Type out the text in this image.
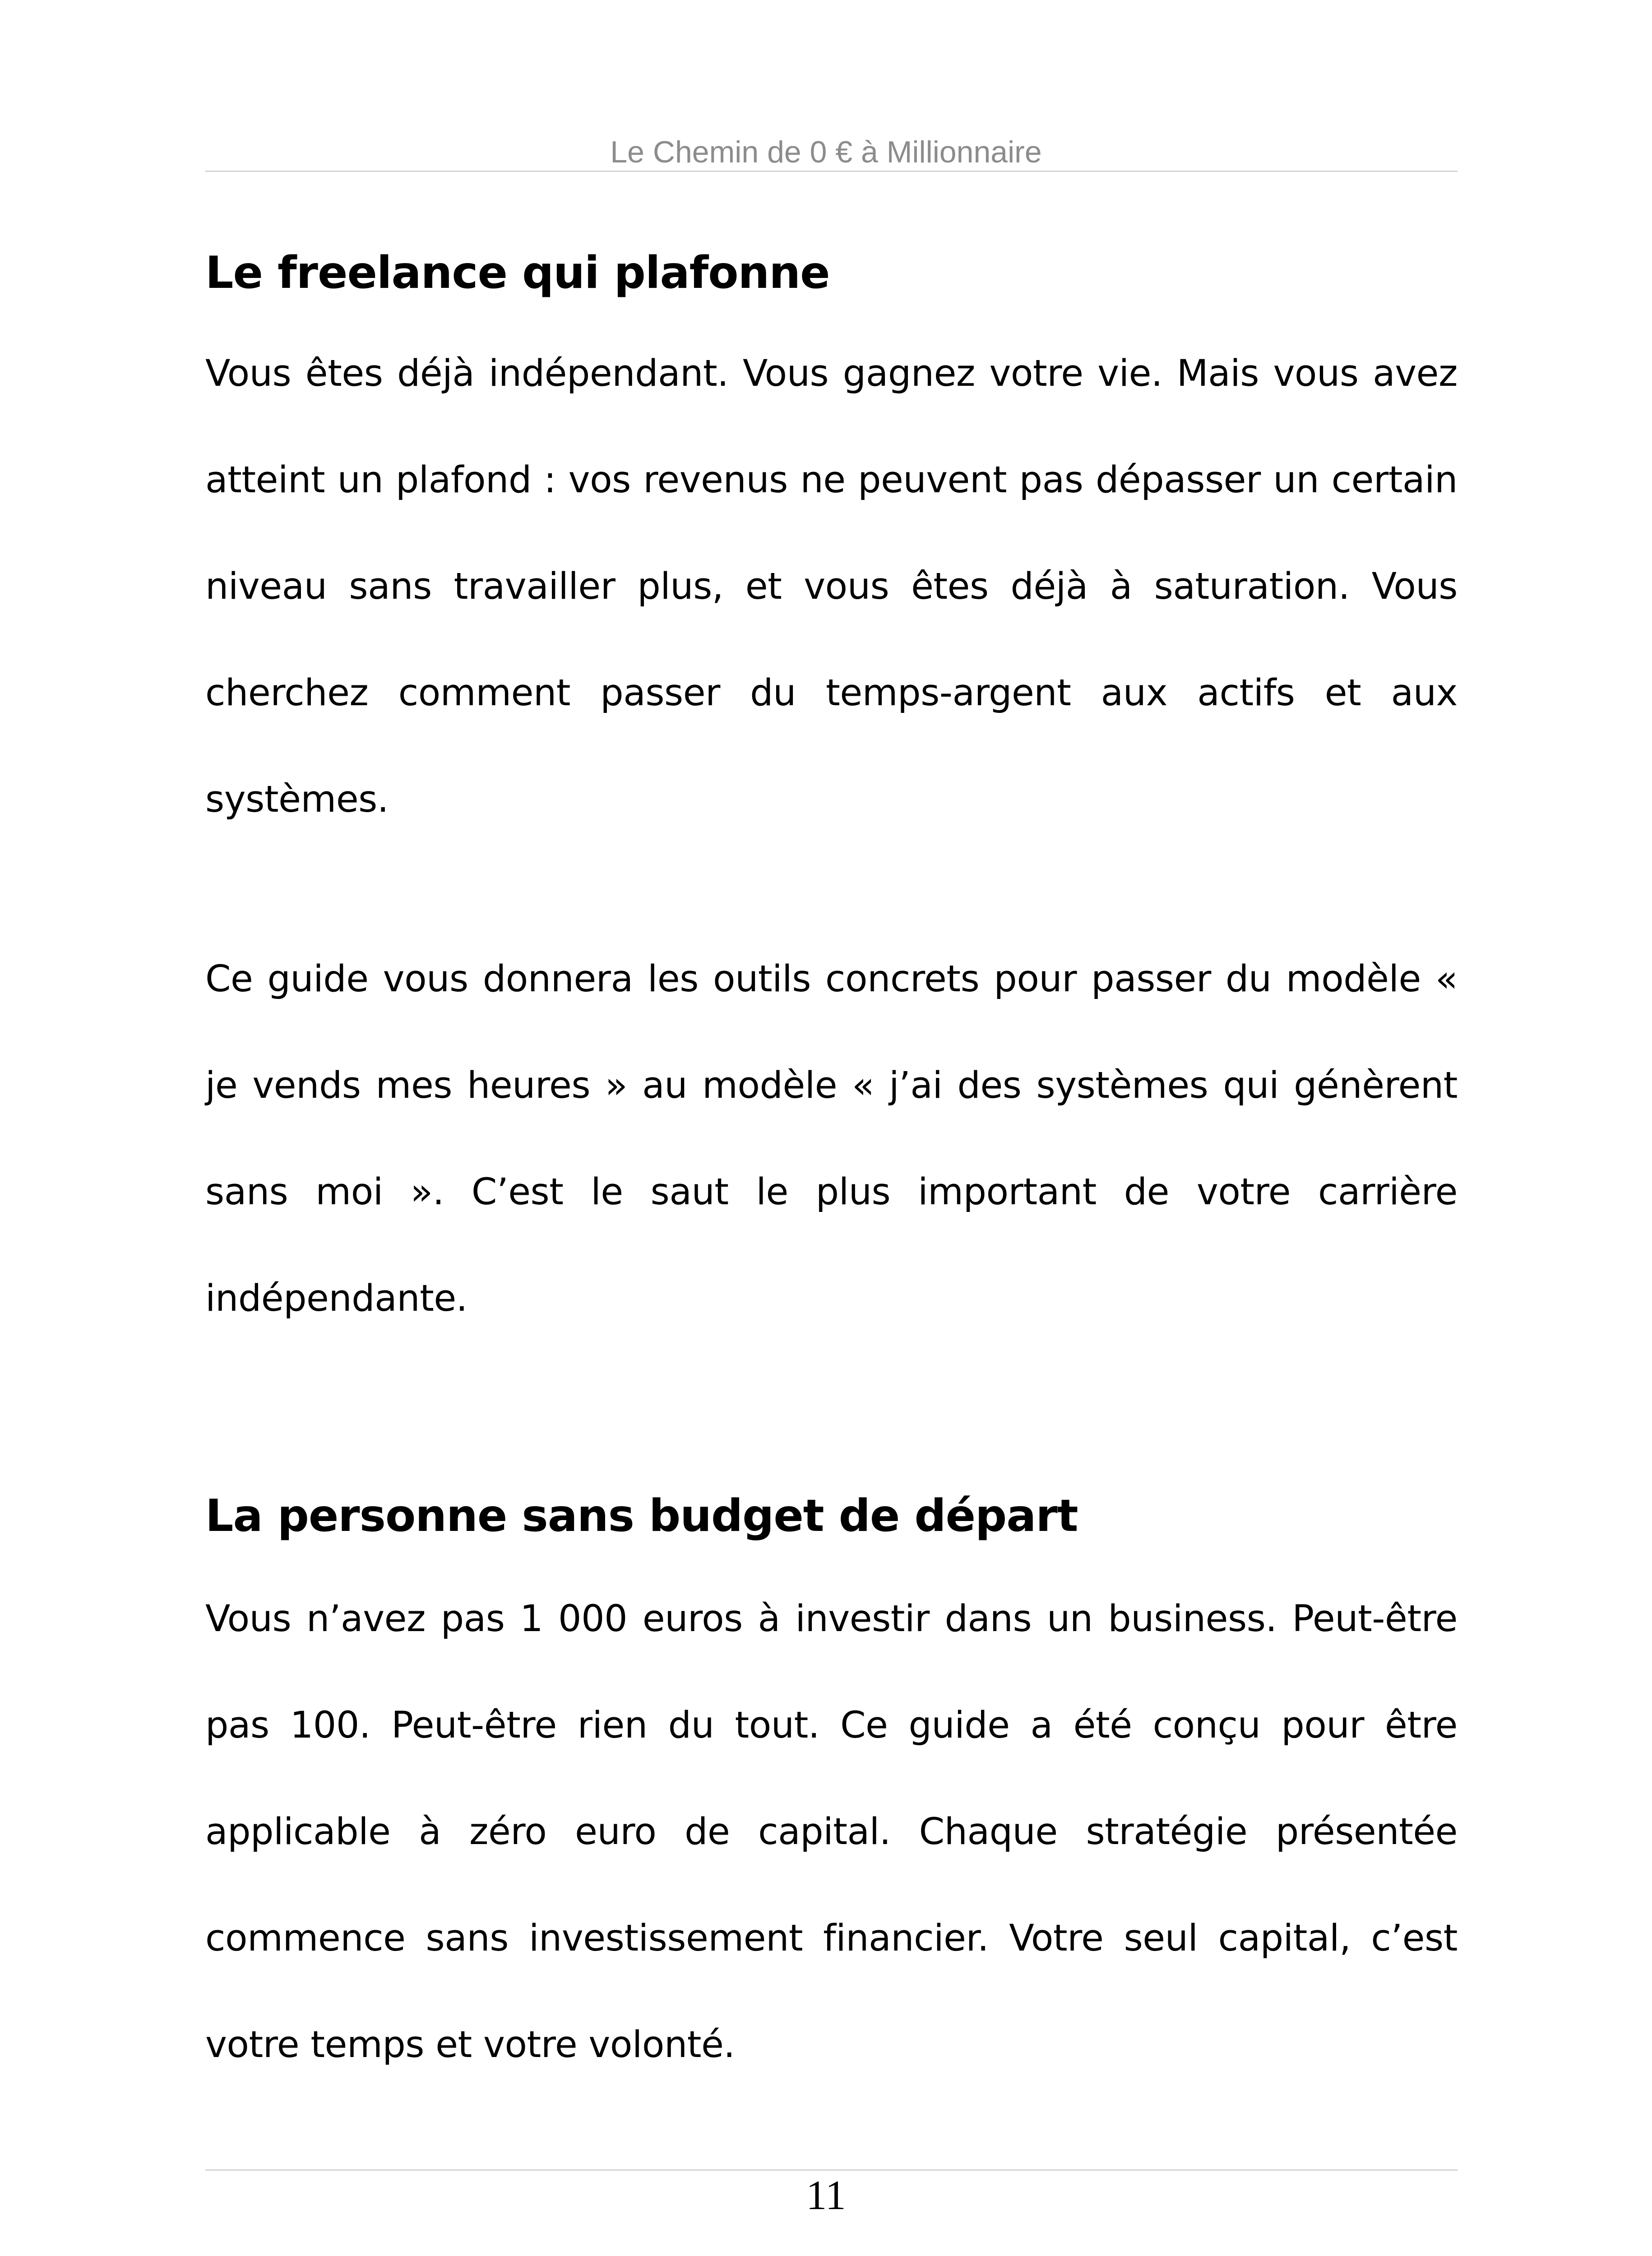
Le Chemin de 0 € à Millionnaire
Le freelance qui plafonne

Vous êtes déjà indépendant. Vous gagnez votre vie. Mais vous avez atteint un plafond : vos revenus ne peuvent pas dépasser un certain niveau sans travailler plus, et vous êtes déjà à saturation. Vous cherchez comment passer du temps-argent aux actifs et aux systèmes.

Ce guide vous donnera les outils concrets pour passer du modèle « je vends mes heures » au modèle « j’ai des systèmes qui génèrent sans moi ». C’est le saut le plus important de votre carrière indépendante.

La personne sans budget de départ

Vous n’avez pas 1 000 euros à investir dans un business. Peut-être pas 100. Peut-être rien du tout. Ce guide a été conçu pour être applicable à zéro euro de capital. Chaque stratégie présentée commence sans investissement financier. Votre seul capital, c’est votre temps et votre volonté.

11
